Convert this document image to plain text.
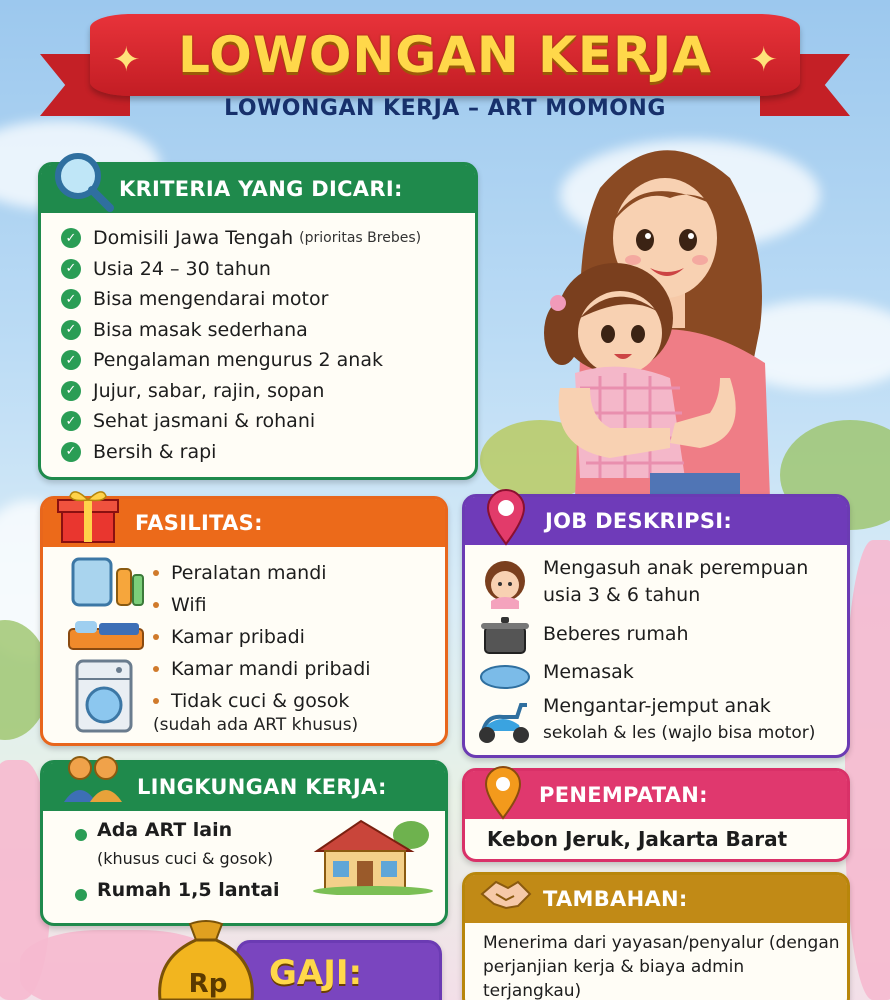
✦ LOWONGAN KERJA ✦
LOWONGAN KERJA – ART MOMONG
KRITERIA YANG DICARI:
✓ Domisili Jawa Tengah (prioritas Brebes)
✓ Usia 24 – 30 tahun
✓ Bisa mengendarai motor
✓ Bisa masak sederhana
✓ Pengalaman mengurus 2 anak
✓ Jujur, sabar, rajin, sopan
✓ Sehat jasmani & rohani
✓ Bersih & rapi
FASILITAS:
Peralatan mandi
Wifi
Kamar pribadi
Kamar mandi pribadi
Tidak cuci & gosok
(sudah ada ART khusus)
JOB DESKRIPSI:
Mengasuh anak perempuan
usia 3 & 6 tahun
Beberes rumah
Memasak
Mengantar-jemput anak
sekolah & les (wajlo bisa motor)
LINGKUNGAN KERJA:
Ada ART lain
(khusus cuci & gosok)
Rumah 1,5 lantai
PENEMPATAN:
Kebon Jeruk, Jakarta Barat
TAMBAHAN:
Menerima dari yayasan/penyalur (dengan perjanjian kerja & biaya admin terjangkau)
GAJI:
Rp
